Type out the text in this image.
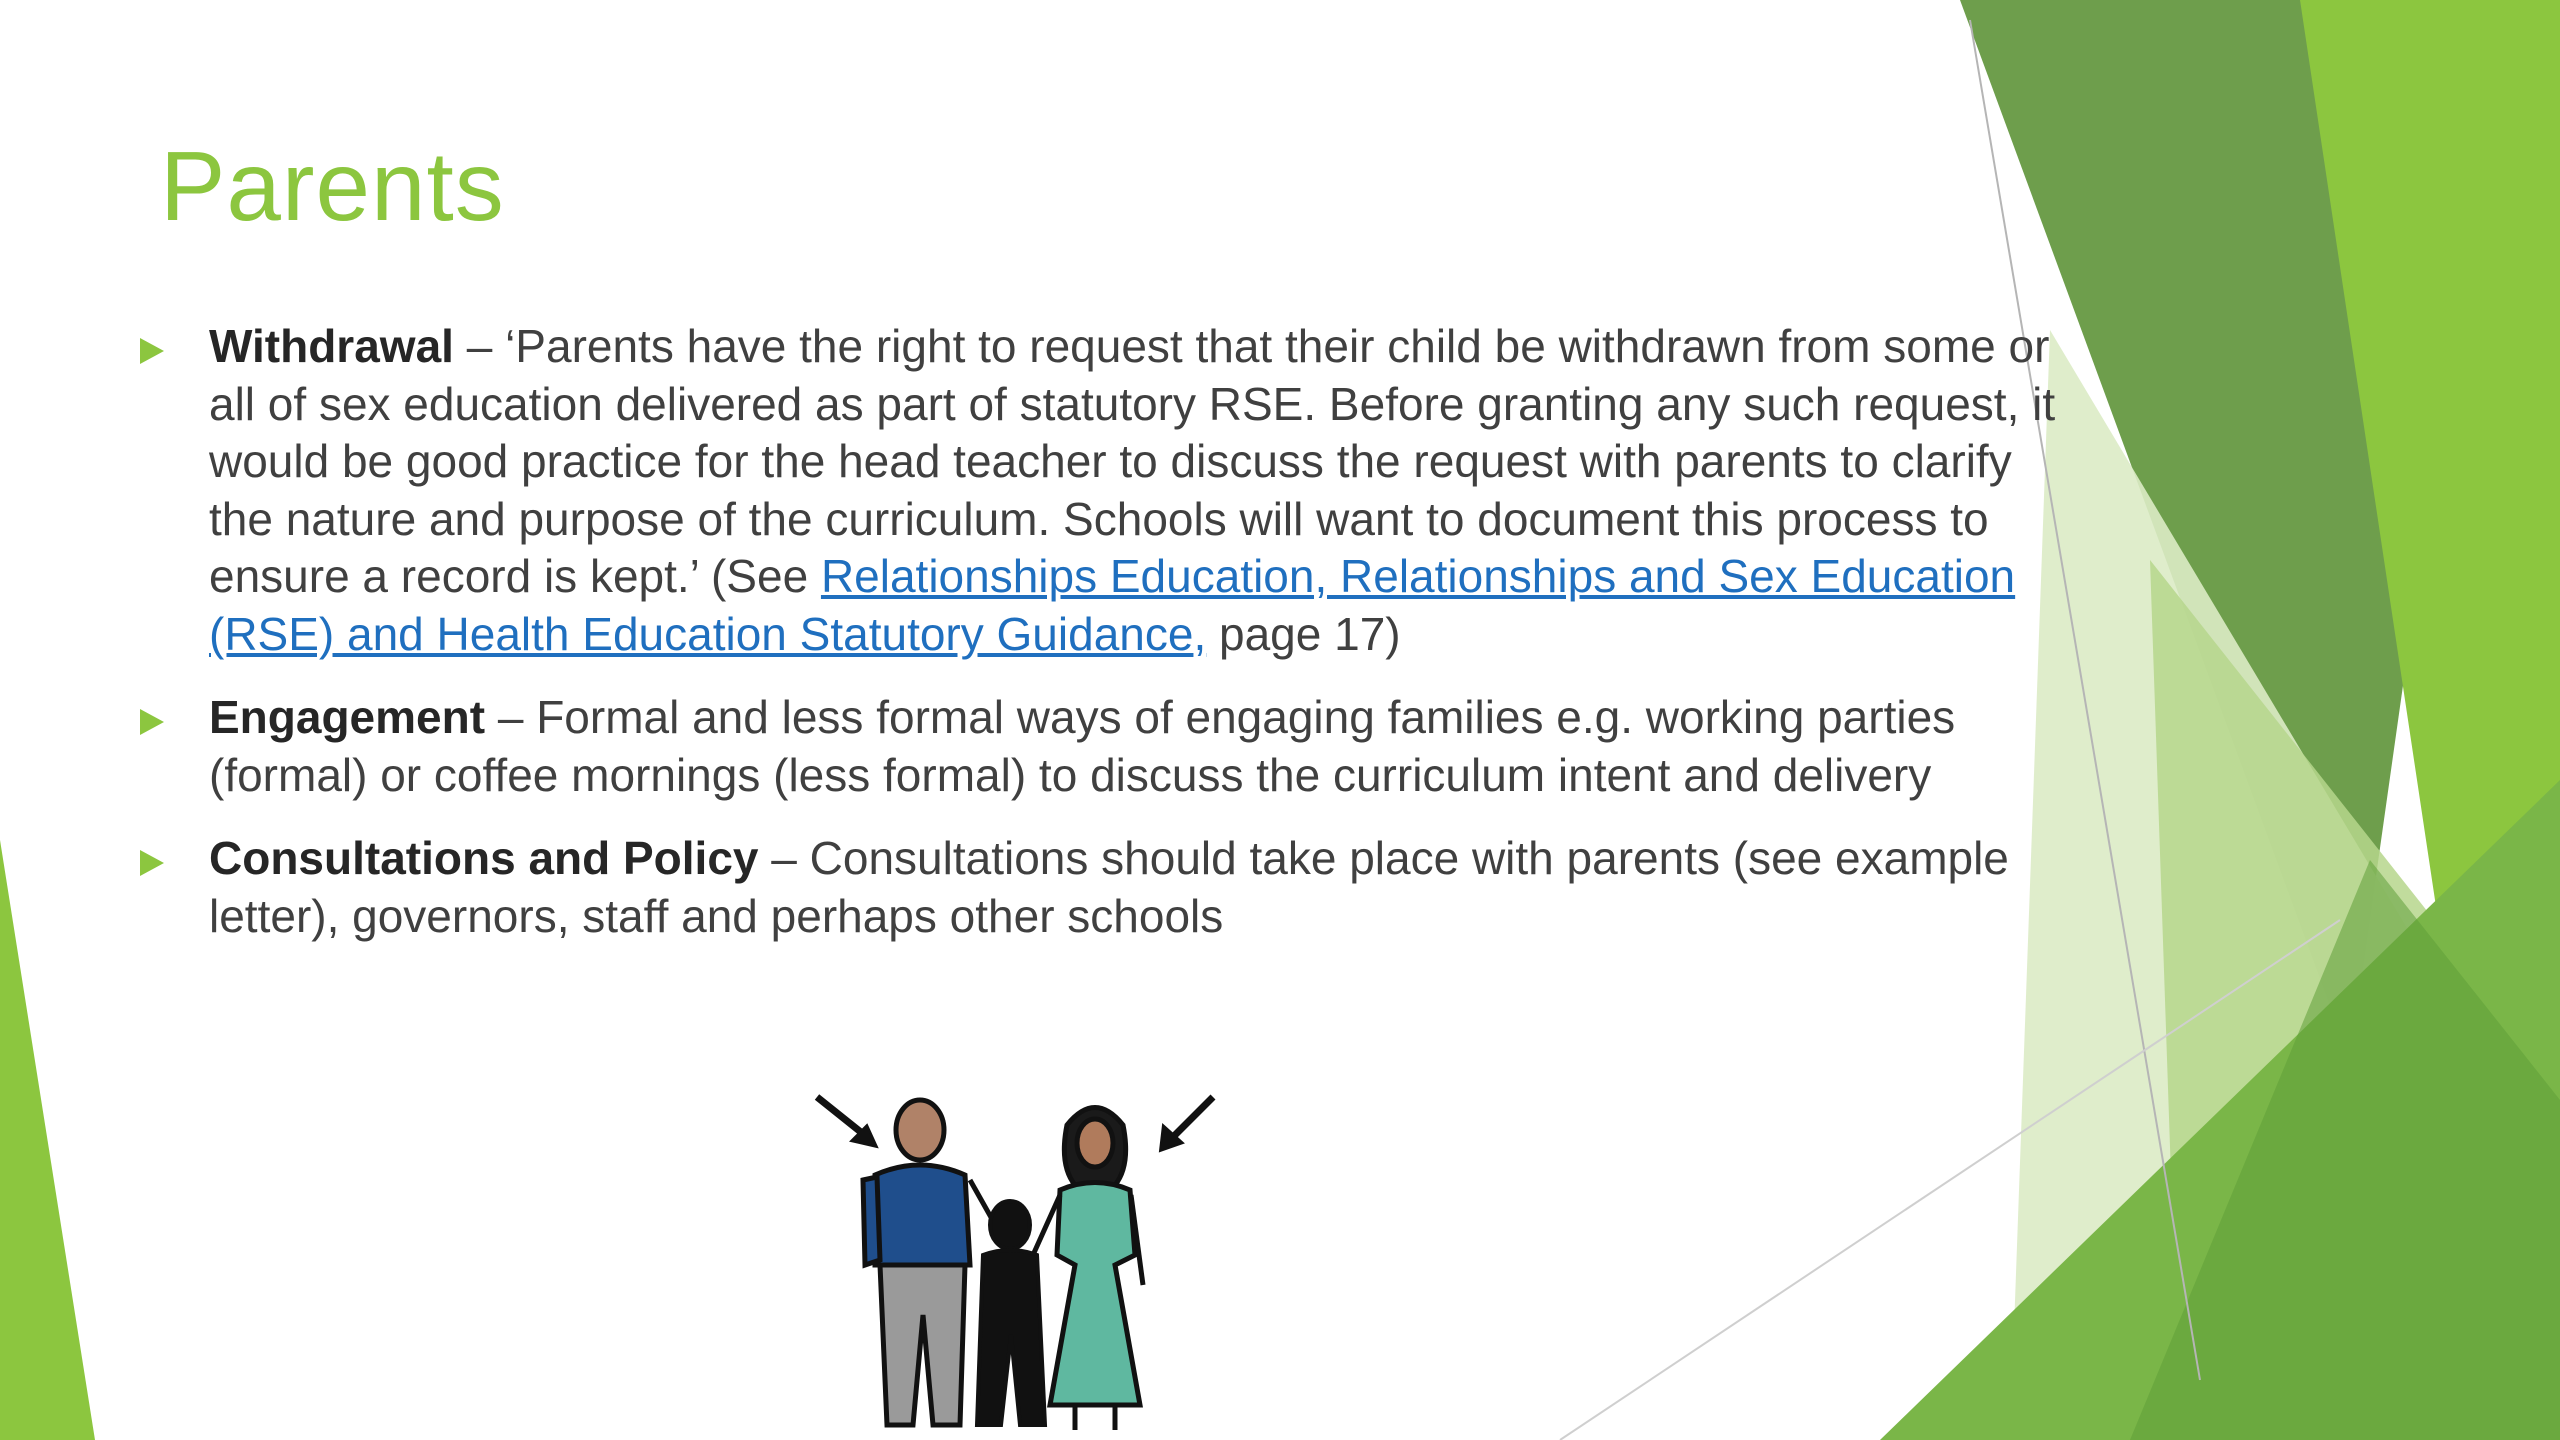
Parents
Withdrawal – ‘Parents have the right to request that their child be withdrawn from some or all of sex education delivered as part of statutory RSE. Before granting any such request, it would be good practice for the head teacher to discuss the request with parents to clarify the nature and purpose of the curriculum. Schools will want to document this process to ensure a record is kept.’ (See Relationships Education, Relationships and Sex Education (RSE) and Health Education Statutory Guidance, page 17)
Engagement – Formal and less formal ways of engaging families e.g. working parties (formal) or coffee mornings (less formal) to discuss the curriculum intent and delivery
Consultations and Policy – Consultations should take place with parents (see example letter), governors, staff and perhaps other schools
